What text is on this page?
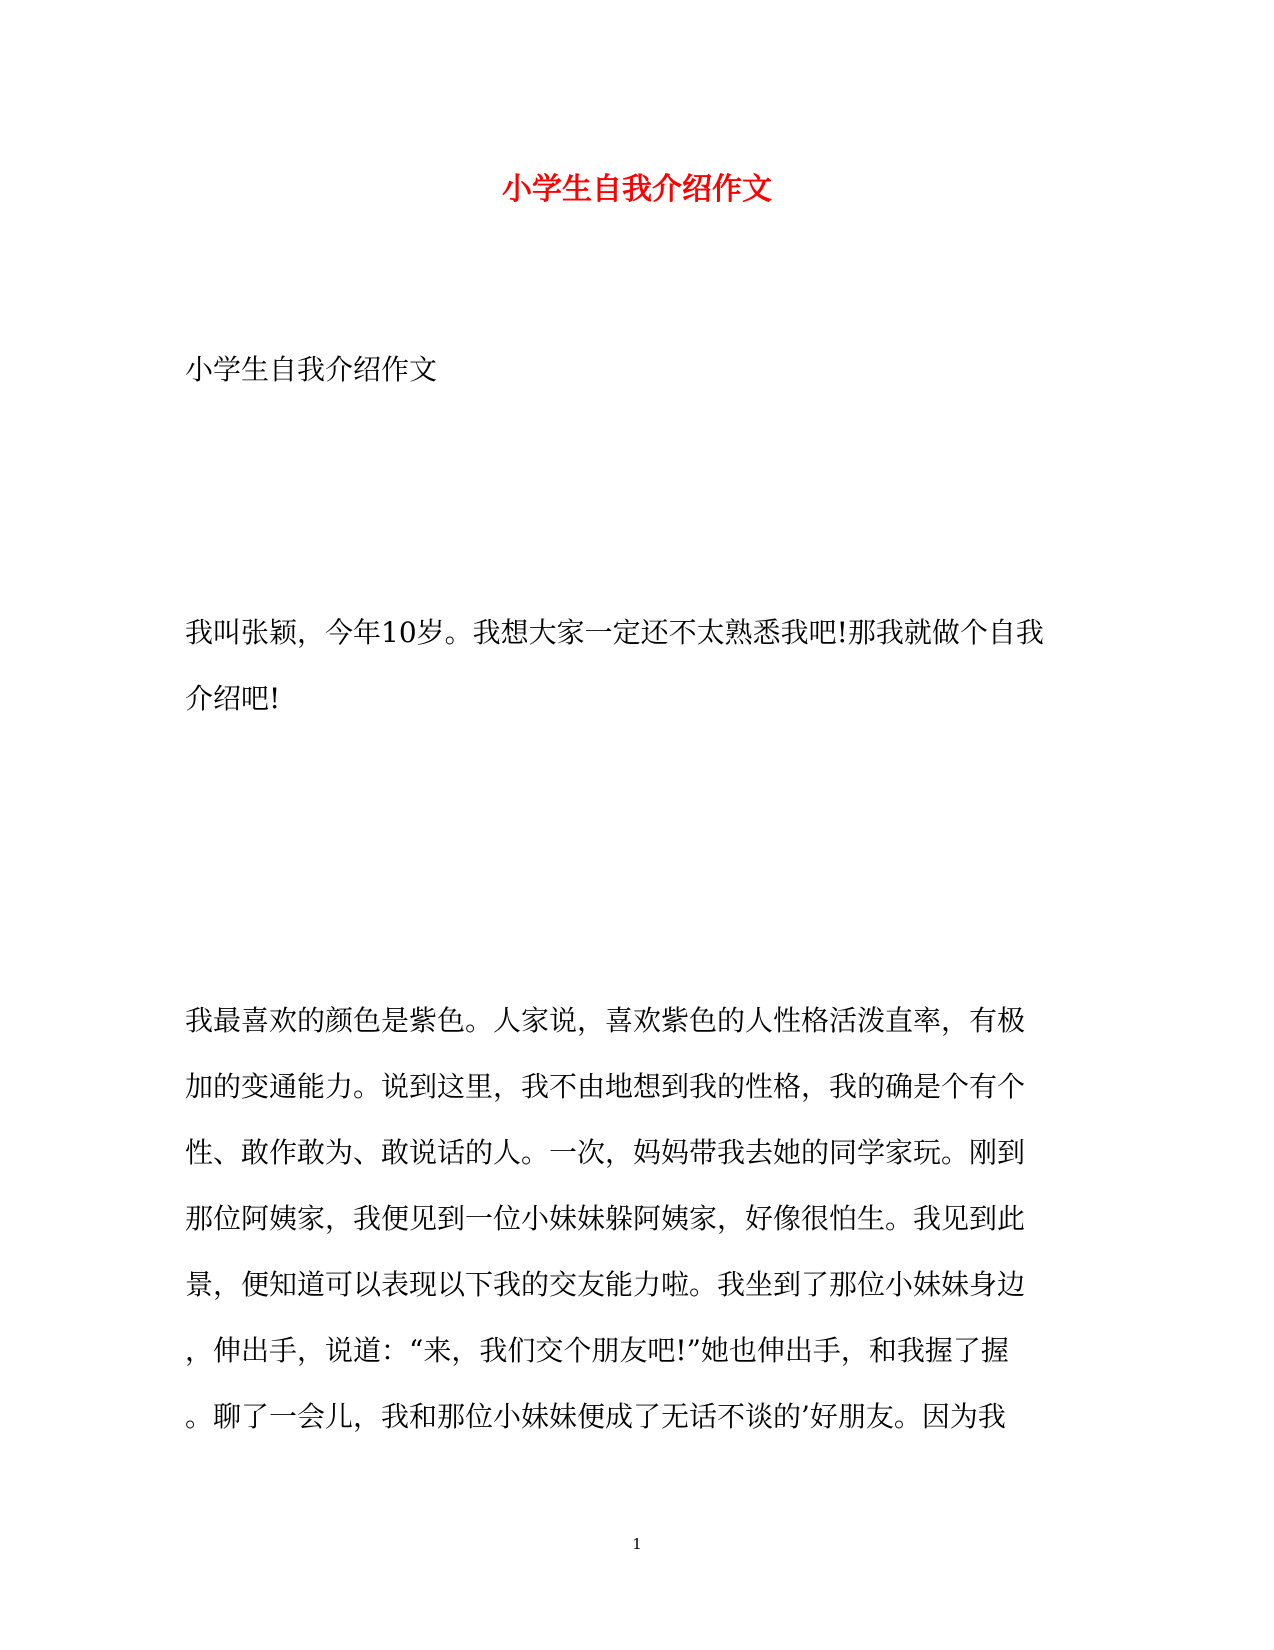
小学生自我介绍作文

小学生自我介绍作文

我叫张颖，今年10岁。我想大家一定还不太熟悉我吧!那我就做个自我
介绍吧!
我最喜欢的颜色是紫色。人家说，喜欢紫色的人性格活泼直率，有极
加的变通能力。说到这里，我不由地想到我的性格，我的确是个有个
性、敢作敢为、敢说话的人。一次，妈妈带我去她的同学家玩。刚到
那位阿姨家，我便见到一位小妹妹躲阿姨家，好像很怕生。我见到此
景，便知道可以表现以下我的交友能力啦。我坐到了那位小妹妹身边
，伸出手，说道：“来，我们交个朋友吧!”她也伸出手，和我握了握
。聊了一会儿，我和那位小妹妹便成了无话不谈的’好朋友。因为我

1
